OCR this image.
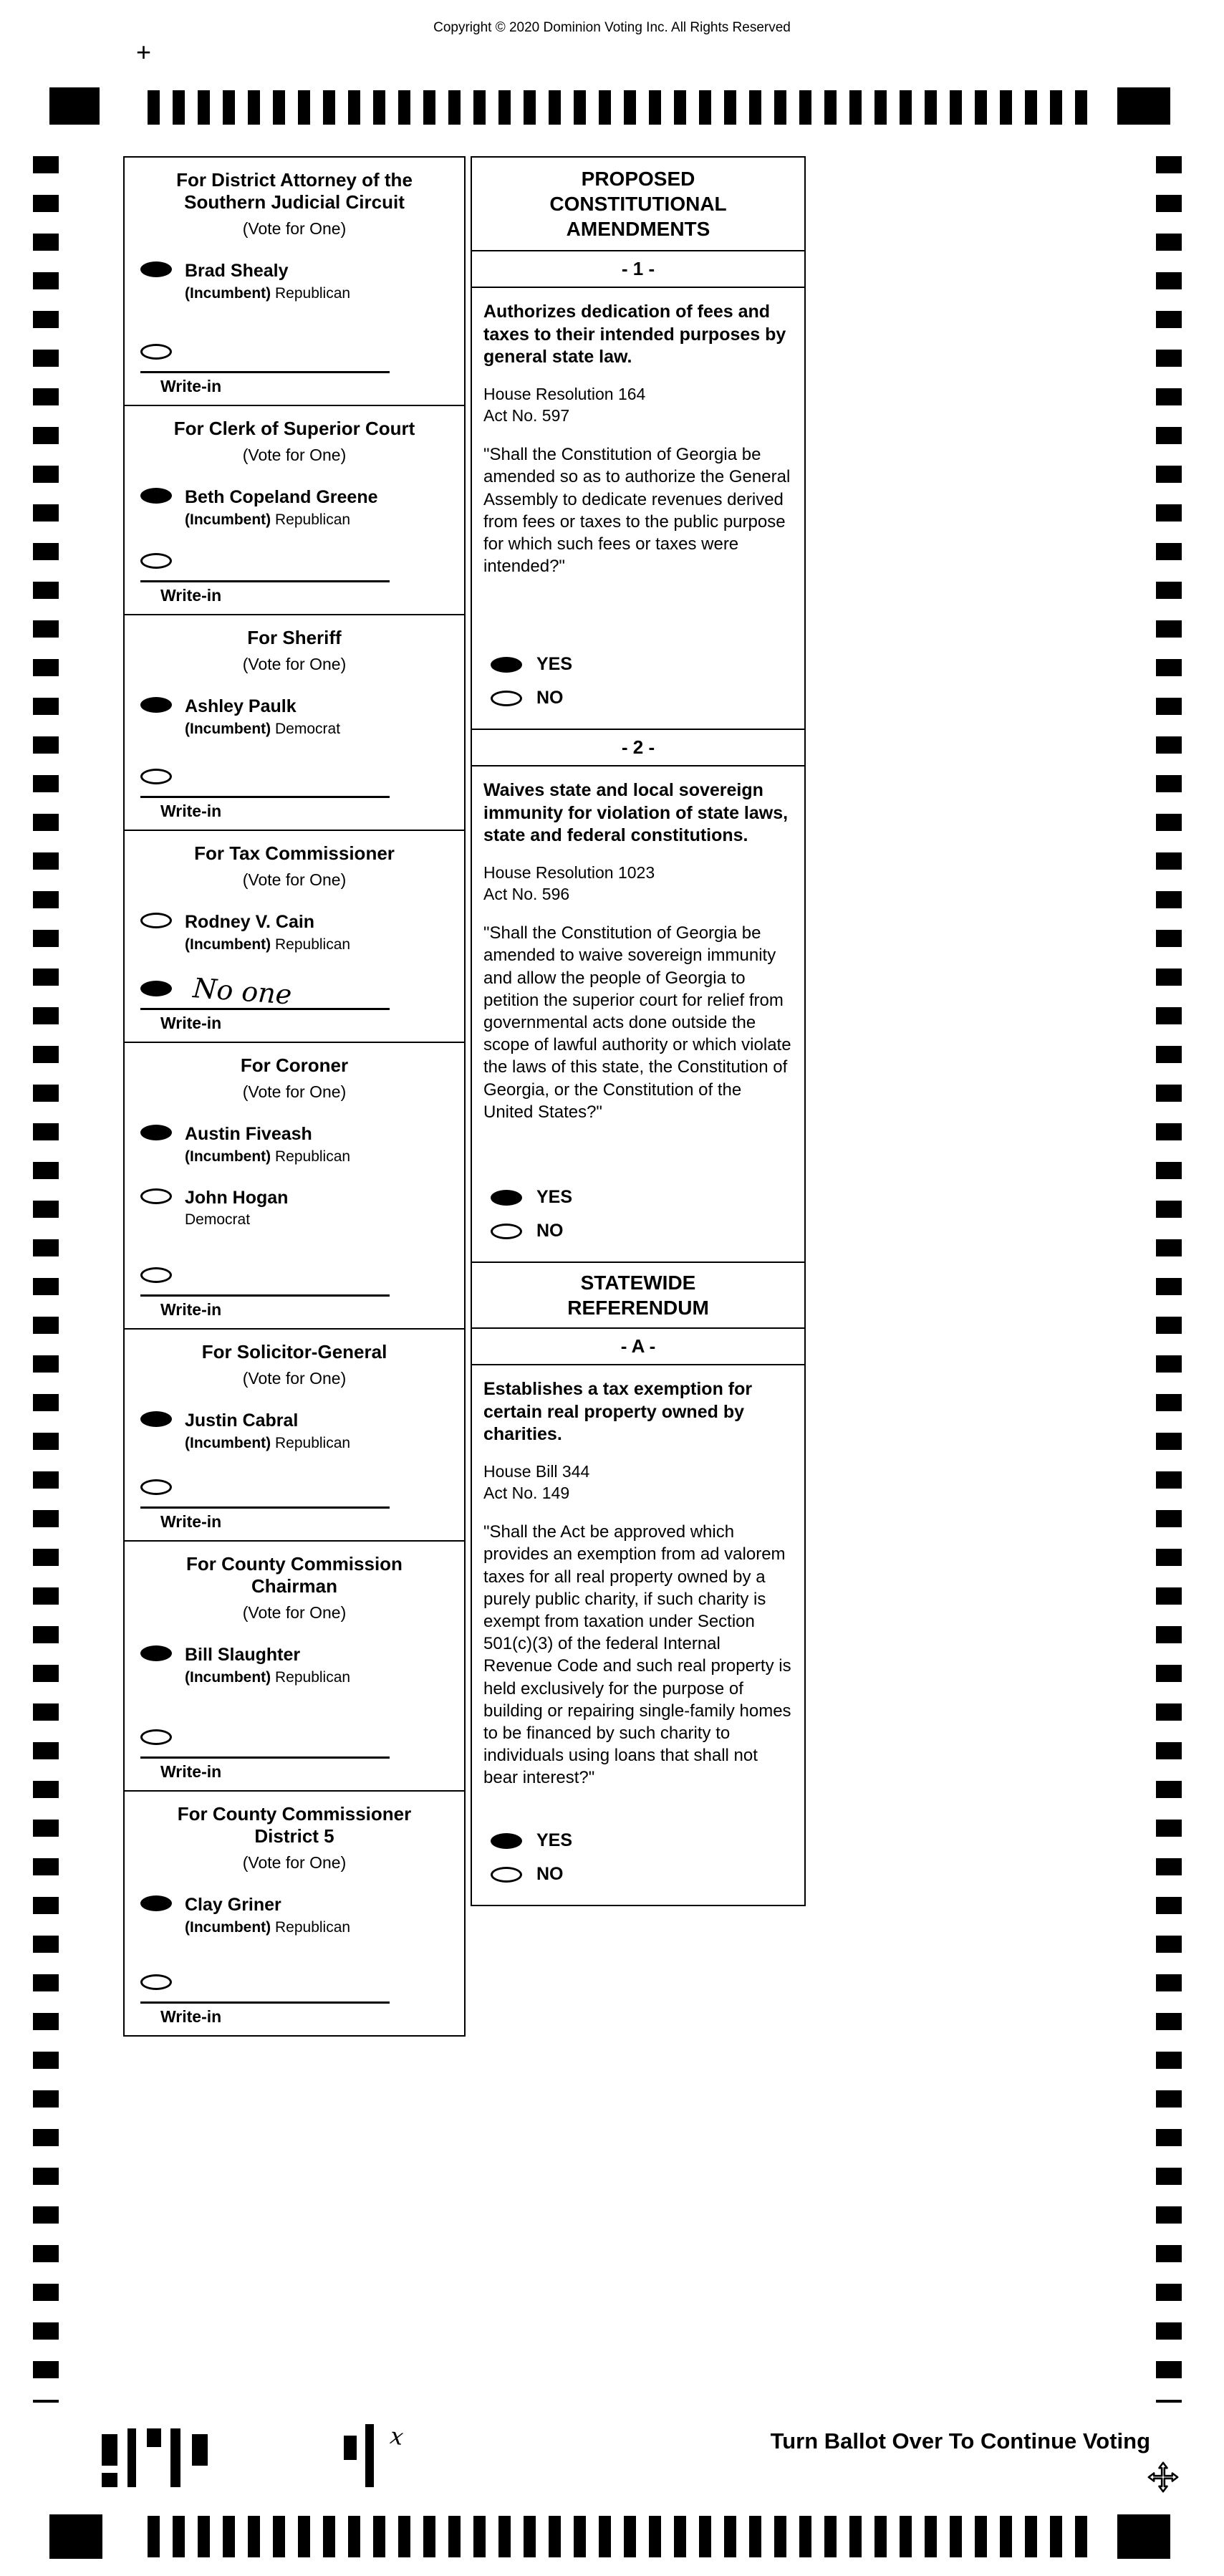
Copyright © 2020 Dominion Voting Inc. All Rights Reserved
+
For District Attorney of the Southern Judicial Circuit
(Vote for One)
Brad Shealy
(Incumbent) Republican
Write-in
For Clerk of Superior Court
(Vote for One)
Beth Copeland Greene
(Incumbent) Republican
Write-in
For Sheriff
(Vote for One)
Ashley Paulk
(Incumbent) Democrat
Write-in
For Tax Commissioner
(Vote for One)
Rodney V. Cain
(Incumbent) Republican
No one
Write-in
For Coroner
(Vote for One)
Austin Fiveash
(Incumbent) Republican
John Hogan
Democrat
Write-in
For Solicitor-General
(Vote for One)
Justin Cabral
(Incumbent) Republican
Write-in
For County Commission Chairman
(Vote for One)
Bill Slaughter
(Incumbent) Republican
Write-in
For County Commissioner District 5
(Vote for One)
Clay Griner
(Incumbent) Republican
Write-in
PROPOSED CONSTITUTIONAL AMENDMENTS
- 1 -
Authorizes dedication of fees and taxes to their intended purposes by general state law.
House Resolution 164
Act No. 597
"Shall the Constitution of Georgia be amended so as to authorize the General Assembly to dedicate revenues derived from fees or taxes to the public purpose for which such fees or taxes were intended?"
YES
NO
- 2 -
Waives state and local sovereign immunity for violation of state laws, state and federal constitutions.
House Resolution 1023
Act No. 596
"Shall the Constitution of Georgia be amended to waive sovereign immunity and allow the people of Georgia to petition the superior court for relief from governmental acts done outside the scope of lawful authority or which violate the laws of this state, the Constitution of Georgia, or the Constitution of the United States?"
YES
NO
STATEWIDE REFERENDUM
- A -
Establishes a tax exemption for certain real property owned by charities.
House Bill 344
Act No. 149
"Shall the Act be approved which provides an exemption from ad valorem taxes for all real property owned by a purely public charity, if such charity is exempt from taxation under Section 501(c)(3) of the federal Internal Revenue Code and such real property is held exclusively for the purpose of building or repairing single-family homes to be financed by such charity to individuals using loans that shall not bear interest?"
YES
NO
x	Turn Ballot Over To Continue Voting
